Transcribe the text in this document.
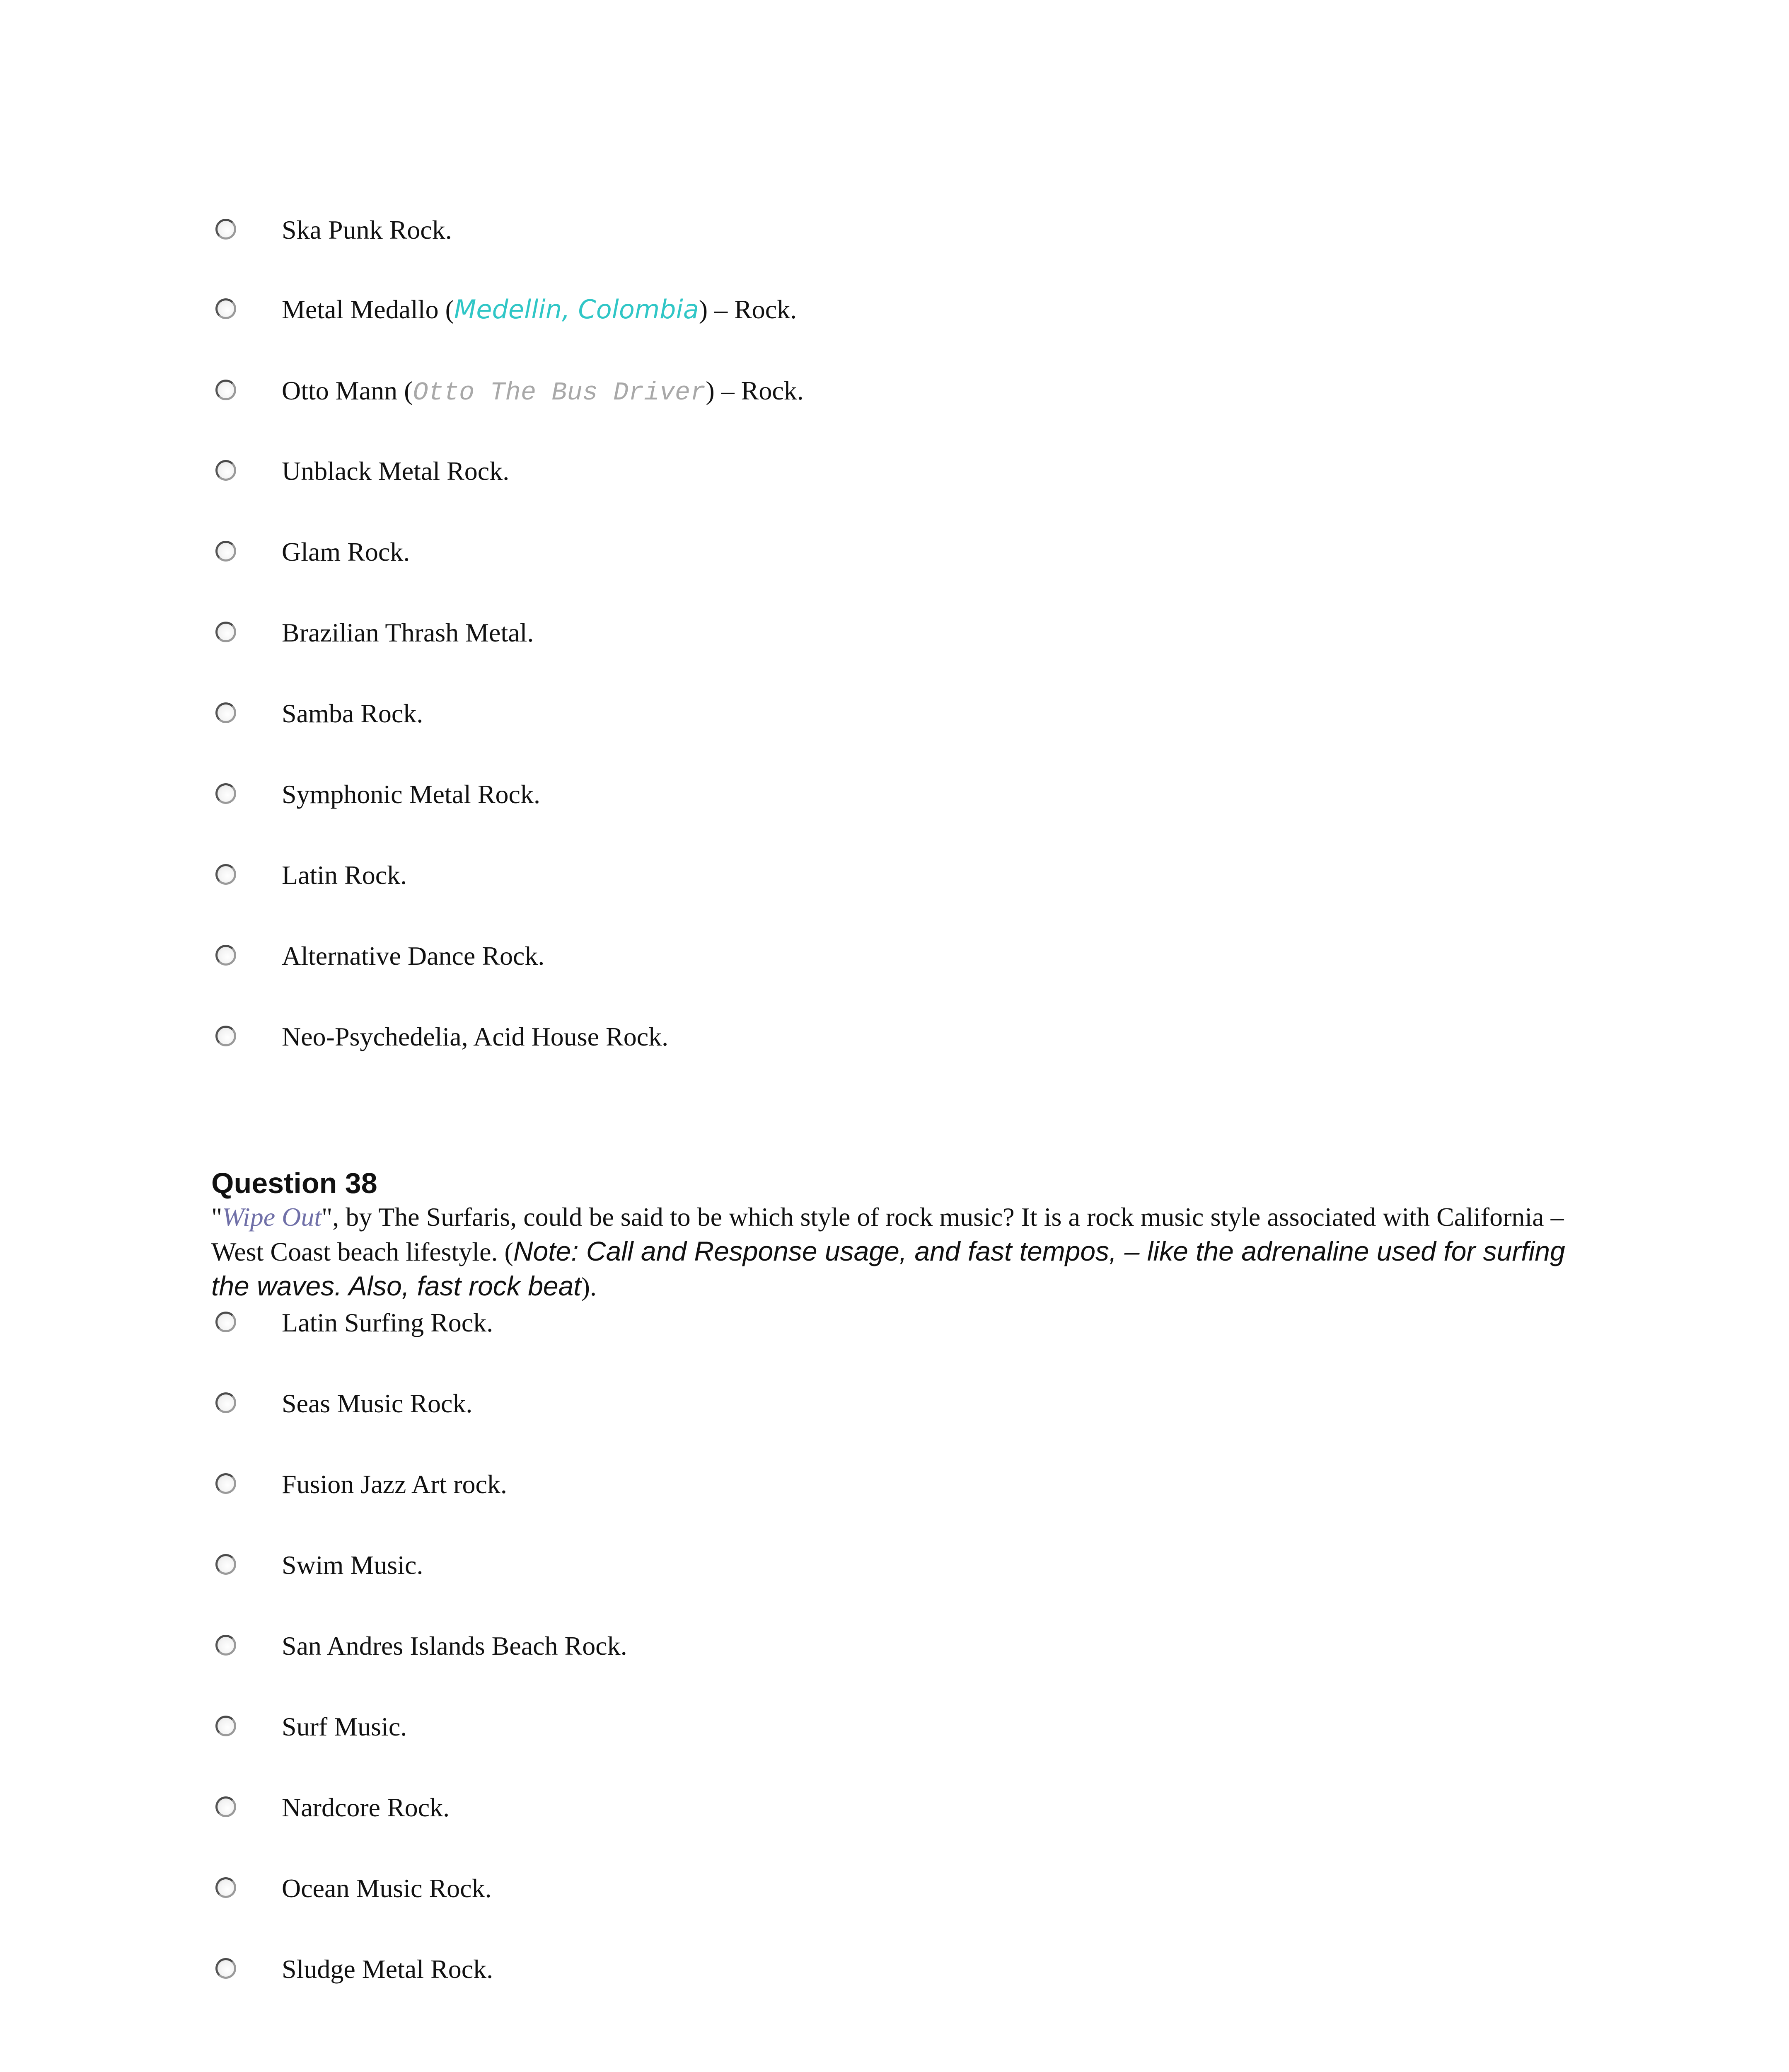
Ska Punk Rock.
Metal Medallo (Medellin, Colombia) – Rock.
Otto Mann (Otto The Bus Driver) – Rock.
Unblack Metal Rock.
Glam Rock.
Brazilian Thrash Metal.
Samba Rock.
Symphonic Metal Rock.
Latin Rock.
Alternative Dance Rock.
Neo-Psychedelia, Acid House Rock.
Question 38

"Wipe Out", by The Surfaris, could be said to be which style of rock music? It is a rock music style associated with California – West Coast beach lifestyle. (Note: Call and Response usage, and fast tempos, – like the adrenaline used for surfing the waves. Also, fast rock beat).

Latin Surfing Rock.
Seas Music Rock.
Fusion Jazz Art rock.
Swim Music.
San Andres Islands Beach Rock.
Surf Music.
Nardcore Rock.
Ocean Music Rock.
Sludge Metal Rock.
